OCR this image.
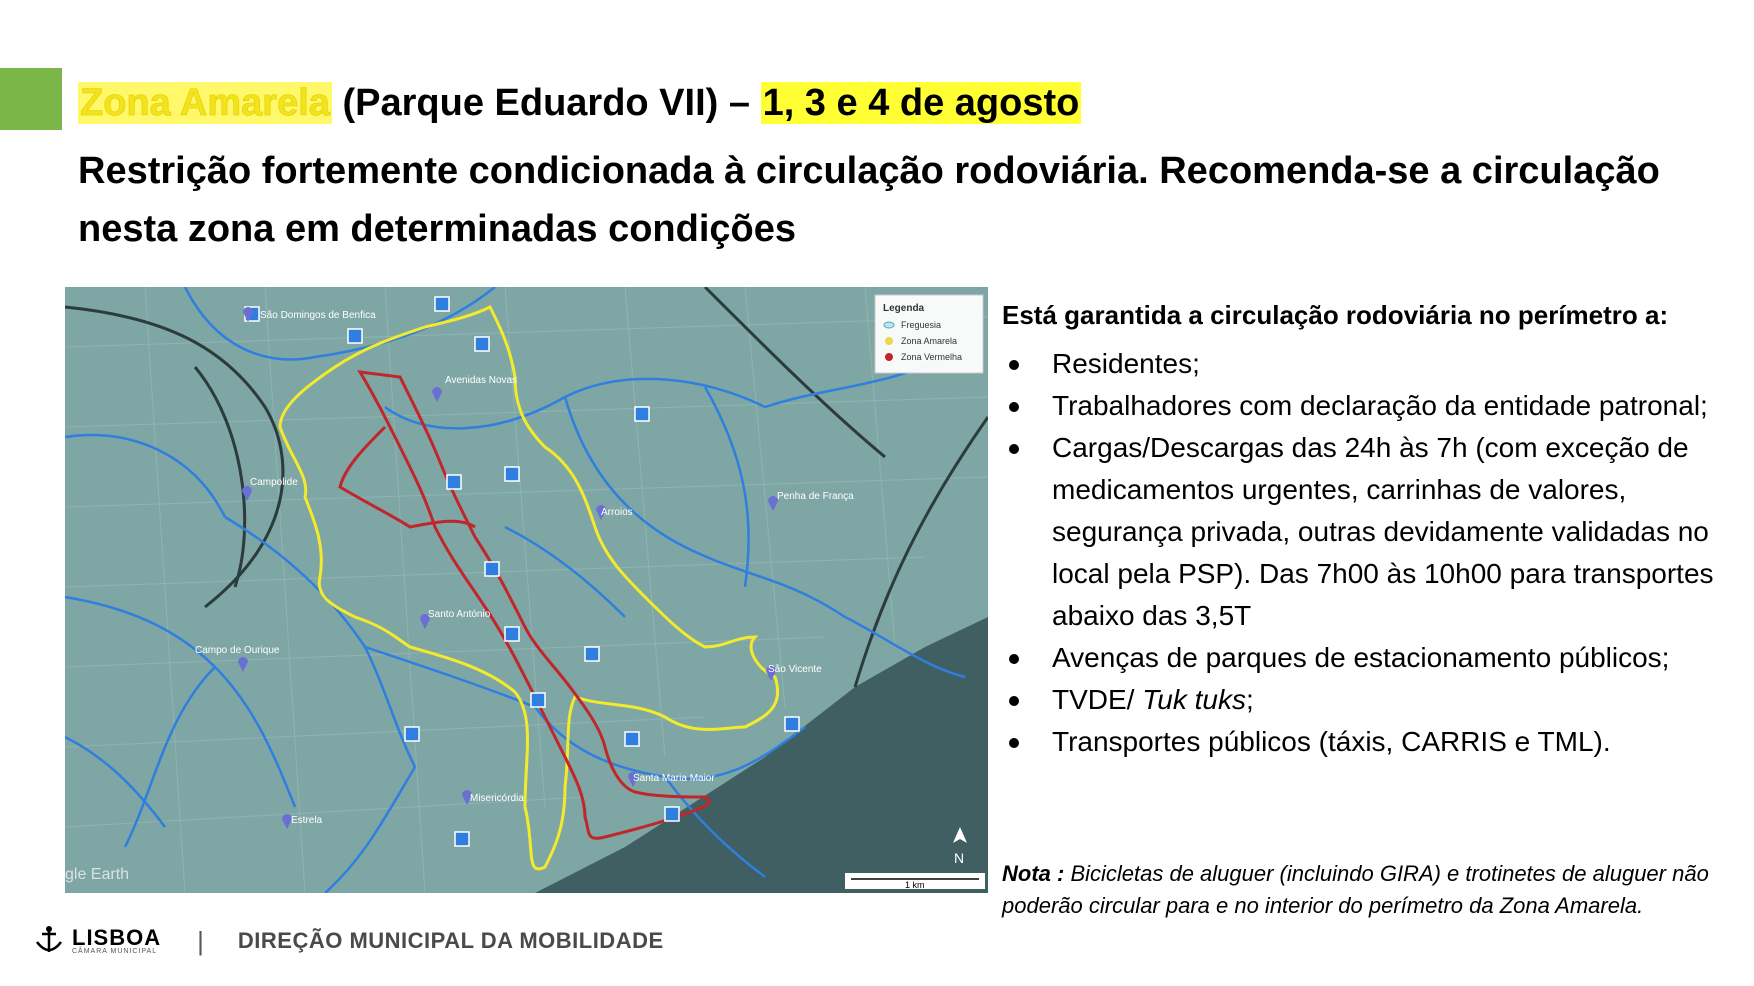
Zona Amarela (Parque Eduardo VII) – 1, 3 e 4 de agosto
Restrição fortemente condicionada à circulação rodoviária. Recomenda-se a circulação nesta zona em determinadas condições
Legenda
Freguesia
Zona Amarela
Zona Vermelha
São Domingos de Benfica
Avenidas Novas
Campolide
Arroios
Penha de França
Santo António
Campo de Ourique
São Vicente
Santa Maria Maior
Misericórdia
Estrela
gle Earth
N
1 km
Está garantida a circulação rodoviária no perímetro a:
Residentes;
Trabalhadores com declaração da entidade patronal;
Cargas/Descargas das 24h às 7h (com exceção de medicamentos urgentes, carrinhas de valores, segurança privada, outras devidamente validadas no local pela PSP). Das 7h00 às 10h00 para transportes abaixo das 3,5T
Avenças de parques de estacionamento públicos;
TVDE/ Tuk tuks;
Transportes públicos (táxis, CARRIS e TML).
Nota : Bicicletas de aluguer (incluindo GIRA) e trotinetes de aluguer não poderão circular para e no interior do perímetro da Zona Amarela.
LISBOA
CÂMARA MUNICIPAL | DIREÇÃO MUNICIPAL DA MOBILIDADE
